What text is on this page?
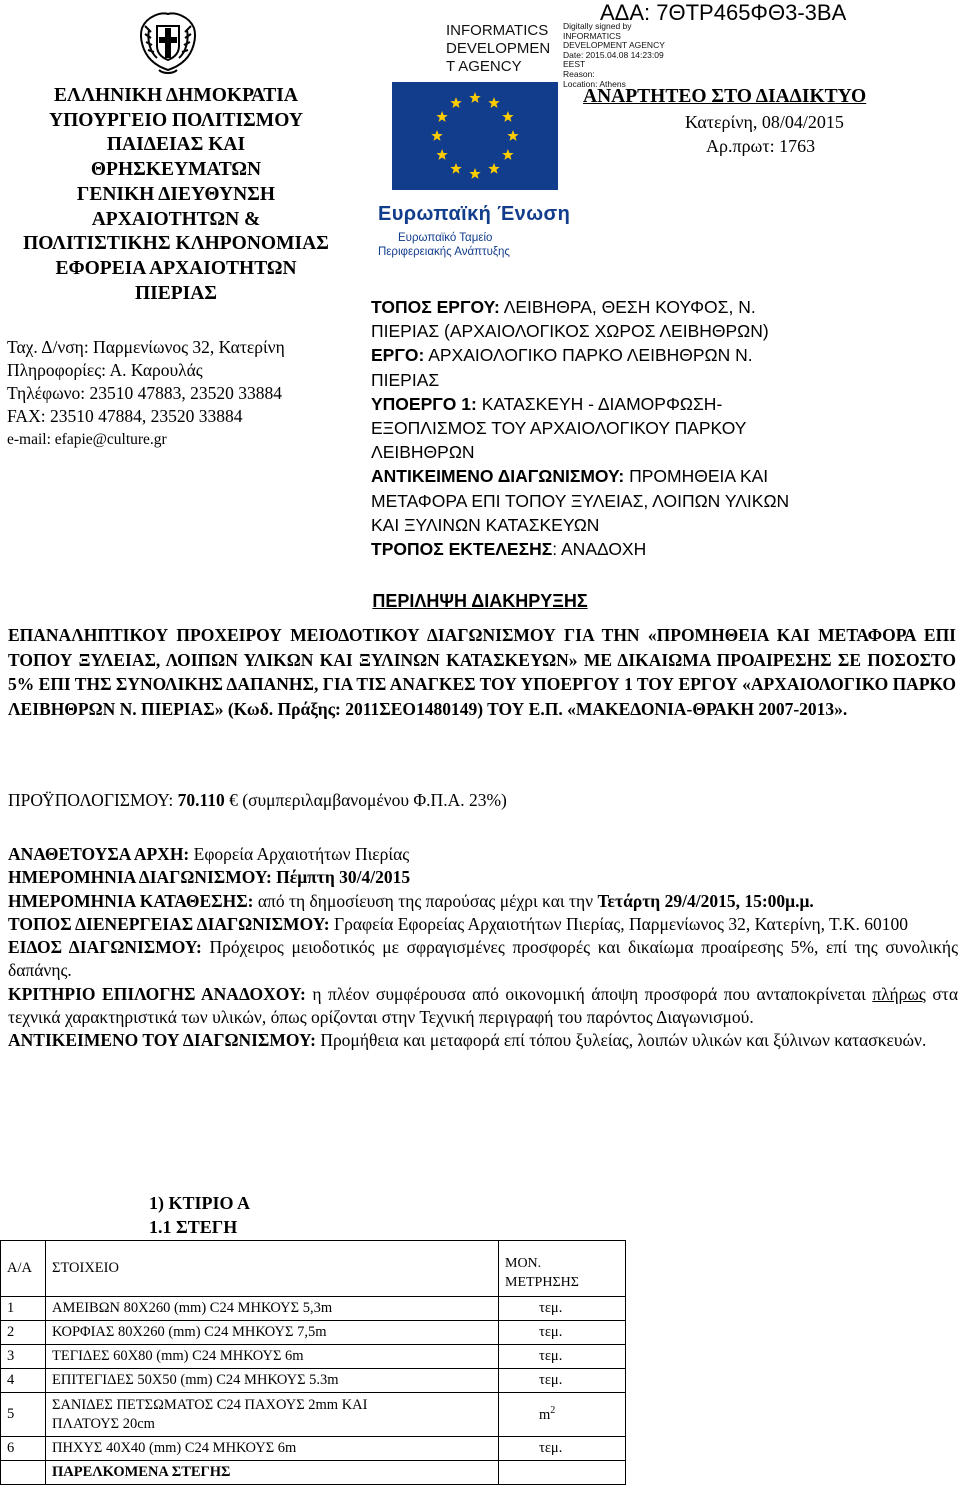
ΕΛΛΗΝΙΚΗ ΔΗΜΟΚΡΑΤΙΑ
ΥΠΟΥΡΓΕΙΟ ΠΟΛΙΤΙΣΜΟΥ
ΠΑΙΔΕΙΑΣ ΚΑΙ
ΘΡΗΣΚΕΥΜΑΤΩΝ
ΓΕΝΙΚΗ ΔΙΕΥΘΥΝΣΗ
ΑΡΧΑΙΟΤΗΤΩΝ &
ΠΟΛΙΤΙΣΤΙΚΗΣ ΚΛΗΡΟΝΟΜΙΑΣ
ΕΦΟΡΕΙΑ ΑΡΧΑΙΟΤΗΤΩΝ
ΠΙΕΡΙΑΣ
Ταχ. Δ/νση: Παρμενίωνος 32, Κατερίνη
Πληροφορίες: Α. Καρουλάς
Τηλέφωνο: 23510 47883, 23520 33884
FAX: 23510 47884, 23520 33884
e-mail: efapie@culture.gr
INFORMATICS
DEVELOPMEN
T AGENCY
Digitally signed by
INFORMATICS
DEVELOPMENT AGENCY
Date: 2015.04.08 14:23:09
EEST
Reason:
Location: Athens
Ευρωπαϊκή Ένωση
Ευρωπαϊκό Ταμείο
Περιφερειακής Ανάπτυξης
ΑΔΑ: 7ΘΤΡ465ΦΘ3-3ΒΑ
ΑΝΑΡΤΗΤΕΟ ΣΤΟ ΔΙΑΔΙΚΤΥΟ
Κατερίνη, 08/04/2015
Αρ.πρωτ: 1763
ΤΟΠΟΣ ΕΡΓΟΥ: ΛΕΙΒΗΘΡΑ, ΘΕΣΗ ΚΟΥΦΟΣ, Ν.
ΠΙΕΡΙΑΣ (ΑΡΧΑΙΟΛΟΓΙΚΟΣ ΧΩΡΟΣ ΛΕΙΒΗΘΡΩΝ)
ΕΡΓΟ: ΑΡΧΑΙΟΛΟΓΙΚΟ ΠΑΡΚΟ ΛΕΙΒΗΘΡΩΝ Ν.
ΠΙΕΡΙΑΣ
ΥΠΟΕΡΓΟ 1: ΚΑΤΑΣΚΕΥΗ - ΔΙΑΜΟΡΦΩΣΗ-
ΕΞΟΠΛΙΣΜΟΣ ΤΟΥ ΑΡΧΑΙΟΛΟΓΙΚΟΥ ΠΑΡΚΟΥ
ΛΕΙΒΗΘΡΩΝ
ΑΝΤΙΚΕΙΜΕΝΟ ΔΙΑΓΩΝΙΣΜΟΥ: ΠΡΟΜΗΘΕΙΑ ΚΑΙ
ΜΕΤΑΦΟΡΑ ΕΠΙ ΤΟΠΟΥ ΞΥΛΕΙΑΣ, ΛΟΙΠΩΝ ΥΛΙΚΩΝ
ΚΑΙ ΞΥΛΙΝΩΝ ΚΑΤΑΣΚΕΥΩΝ
ΤΡΟΠΟΣ ΕΚΤΕΛΕΣΗΣ: ΑΝΑΔΟΧΗ
ΠΕΡΙΛΗΨΗ ΔΙΑΚΗΡΥΞΗΣ
ΕΠΑΝΑΛΗΠΤΙΚΟΥ ΠΡΟΧΕΙΡΟΥ ΜΕΙΟΔΟΤΙΚΟΥ ΔΙΑΓΩΝΙΣΜΟΥ ΓΙΑ ΤΗΝ «ΠΡΟΜΗΘΕΙΑ ΚΑΙ ΜΕΤΑΦΟΡΑ ΕΠΙ ΤΟΠΟΥ ΞΥΛΕΙΑΣ, ΛΟΙΠΩΝ ΥΛΙΚΩΝ ΚΑΙ ΞΥΛΙΝΩΝ ΚΑΤΑΣΚΕΥΩΝ» ΜΕ ΔΙΚΑΙΩΜΑ ΠΡΟΑΙΡΕΣΗΣ ΣΕ ΠΟΣΟΣΤΟ 5% ΕΠΙ ΤΗΣ ΣΥΝΟΛΙΚΗΣ ΔΑΠΑΝΗΣ, ΓΙΑ ΤΙΣ ΑΝΑΓΚΕΣ ΤΟΥ ΥΠΟΕΡΓΟΥ 1 ΤΟΥ ΕΡΓΟΥ «ΑΡΧΑΙΟΛΟΓΙΚΟ ΠΑΡΚΟ ΛΕΙΒΗΘΡΩΝ Ν. ΠΙΕΡΙΑΣ» (Κωδ. Πράξης: 2011ΣΕΟ1480149) ΤΟΥ Ε.Π. «ΜΑΚΕΔΟΝΙΑ-ΘΡΑΚΗ 2007-2013».
ΠΡΟΫΠΟΛΟΓΙΣΜΟΥ: 70.110 € (συμπεριλαμβανομένου Φ.Π.Α. 23%)

ΑΝΑΘΕΤΟΥΣΑ ΑΡΧΗ: Εφορεία Αρχαιοτήτων Πιερίας

ΗΜΕΡΟΜΗΝΙΑ ΔΙΑΓΩΝΙΣΜΟΥ: Πέμπτη 30/4/2015

ΗΜΕΡΟΜΗΝΙΑ ΚΑΤΑΘΕΣΗΣ: από τη δημοσίευση της παρούσας μέχρι και την Τετάρτη 29/4/2015, 15:00μ.μ.

ΤΟΠΟΣ ΔΙΕΝΕΡΓΕΙΑΣ ΔΙΑΓΩΝΙΣΜΟΥ: Γραφεία Εφορείας Αρχαιοτήτων Πιερίας, Παρμενίωνος 32, Κατερίνη, Τ.Κ. 60100

ΕΙΔΟΣ ΔΙΑΓΩΝΙΣΜΟΥ: Πρόχειρος μειοδοτικός με σφραγισμένες προσφορές και δικαίωμα προαίρεσης 5%, επί της συνολικής δαπάνης.

ΚΡΙΤΗΡΙΟ ΕΠΙΛΟΓΗΣ ΑΝΑΔΟΧΟΥ: η πλέον συμφέρουσα από οικονομική άποψη προσφορά που ανταποκρίνεται πλήρως στα τεχνικά χαρακτηριστικά των υλικών, όπως ορίζονται στην Τεχνική περιγραφή του παρόντος Διαγωνισμού.

ΑΝΤΙΚΕΙΜΕΝΟ ΤΟΥ ΔΙΑΓΩΝΙΣΜΟΥ: Προμήθεια και μεταφορά επί τόπου ξυλείας, λοιπών υλικών και ξύλινων κατασκευών.

1) ΚΤΙΡΙΟ Α
1.1 ΣΤΕΓΗ
Α/Α	ΣΤΟΙΧΕΙΟ	ΜΟΝ.
ΜΕΤΡΗΣΗΣ

1	ΑΜΕΙΒΩΝ 80Χ260 (mm) C24 ΜΗΚΟΥΣ 5,3m	τεμ.
2	ΚΟΡΦΙΑΣ 80Χ260 (mm) C24 ΜΗΚΟΥΣ 7,5m	τεμ.
3	ΤΕΓΙΔΕΣ 60Χ80 (mm) C24 ΜΗΚΟΥΣ 6m	τεμ.
4	ΕΠΙΤΕΓΙΔΕΣ 50Χ50 (mm) C24 ΜΗΚΟΥΣ 5.3m	τεμ.
5	ΣΑΝΙΔΕΣ ΠΕΤΣΩΜΑΤΟΣ C24 ΠΑΧΟΥΣ 2mm ΚΑΙ
ΠΛΑΤΟΥΣ 20cm	$m^2$
6	ΠΗΧΥΣ 40Χ40 (mm) C24 ΜΗΚΟΥΣ 6m	τεμ.
	ΠΑΡΕΛΚΟΜΕΝΑ ΣΤΕΓΗΣ	
